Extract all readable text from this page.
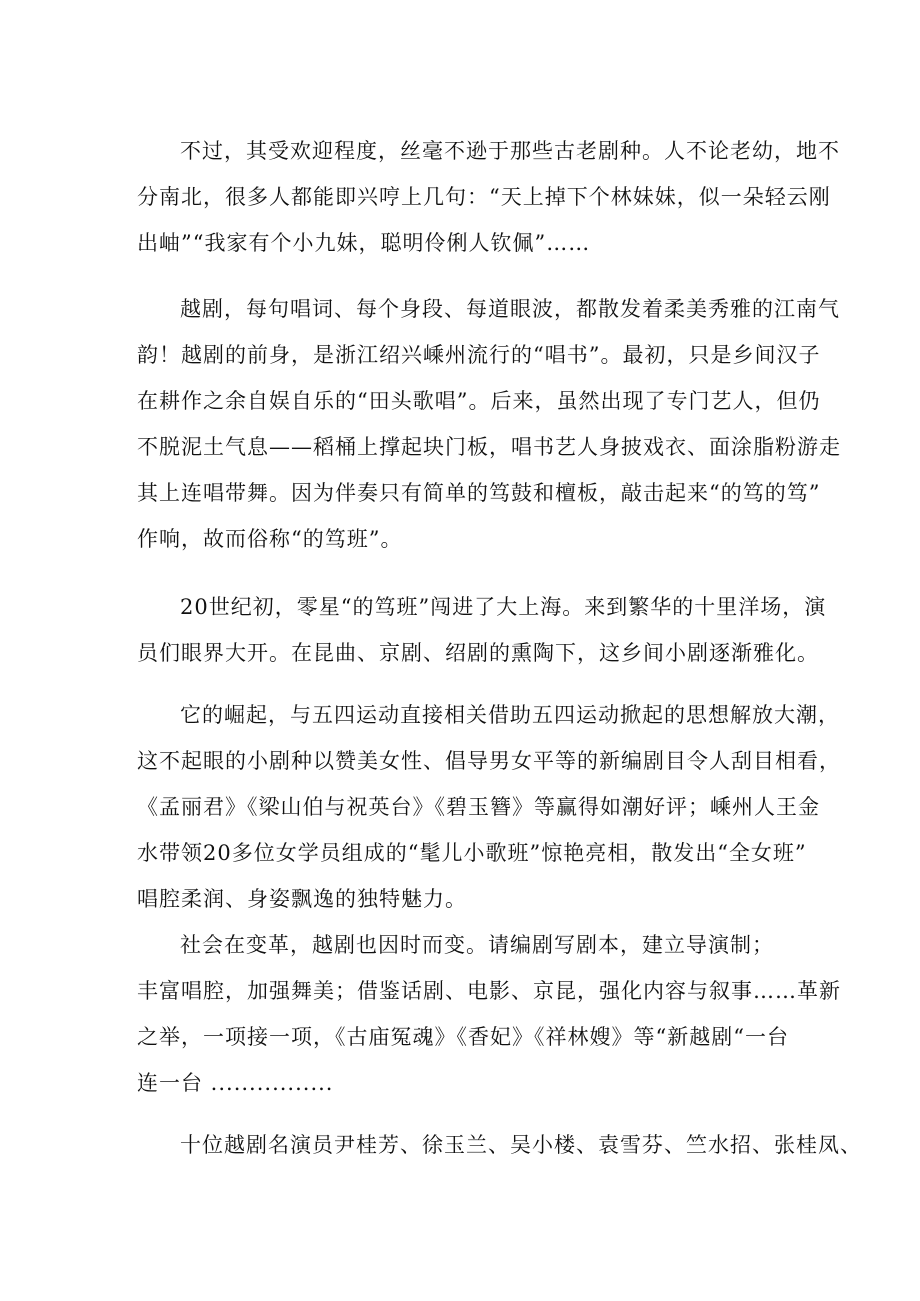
不过，其受欢迎程度，丝毫不逊于那些古老剧种。人不论老幼，地不
分南北，很多人都能即兴哼上几句：“天上掉下个林妹妹，似一朵轻云刚
出岫”“我家有个小九妹，聪明伶俐人钦佩”……
越剧，每句唱词、每个身段、每道眼波，都散发着柔美秀雅的江南气
韵！越剧的前身，是浙江绍兴嵊州流行的“唱书”。最初，只是乡间汉子
在耕作之余自娱自乐的“田头歌唱”。后来，虽然出现了专门艺人，但仍
不脱泥土气息——稻桶上撑起块门板，唱书艺人身披戏衣、面涂脂粉游走
其上连唱带舞。因为伴奏只有简单的笃鼓和檀板，敲击起来“的笃的笃”
作响，故而俗称“的笃班”。
20世纪初，零星“的笃班”闯进了大上海。来到繁华的十里洋场，演
员们眼界大开。在昆曲、京剧、绍剧的熏陶下，这乡间小剧逐渐雅化。
它的崛起，与五四运动直接相关借助五四运动掀起的思想解放大潮，
这不起眼的小剧种以赞美女性、倡导男女平等的新编剧目令人刮目相看，
《孟丽君》《梁山伯与祝英台》《碧玉簪》等赢得如潮好评；嵊州人王金
水带领20多位女学员组成的“髦儿小歌班”惊艳亮相，散发出“全女班”
唱腔柔润、身姿飘逸的独特魅力。
社会在变革，越剧也因时而变。请编剧写剧本，建立导演制；
丰富唱腔，加强舞美；借鉴话剧、电影、京昆，强化内容与叙事……革新
之举，一项接一项，《古庙冤魂》《香妃》《祥林嫂》等“新越剧“一台
连一台 ................
十位越剧名演员尹桂芳、徐玉兰、吴小楼、袁雪芬、竺水招、张桂凤、
